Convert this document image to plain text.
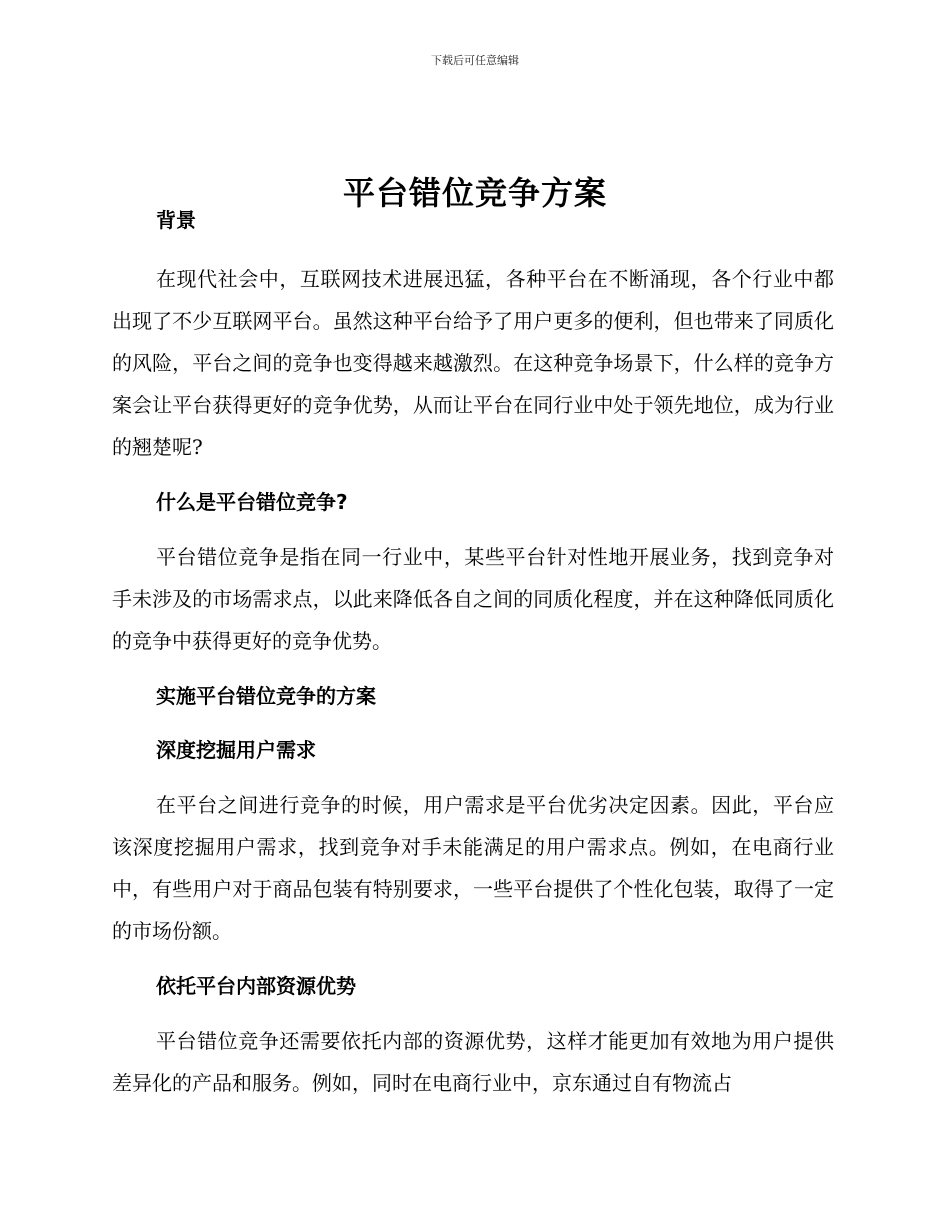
下载后可任意编辑
平台错位竞争方案
背景

在现代社会中，互联网技术进展迅猛，各种平台在不断涌现，各个行业中都出现了不少互联网平台。虽然这种平台给予了用户更多的便利，但也带来了同质化的风险，平台之间的竞争也变得越来越激烈。在这种竞争场景下，什么样的竞争方案会让平台获得更好的竞争优势，从而让平台在同行业中处于领先地位，成为行业的翘楚呢?

什么是平台错位竞争?

平台错位竞争是指在同一行业中，某些平台针对性地开展业务，找到竞争对手未涉及的市场需求点，以此来降低各自之间的同质化程度，并在这种降低同质化的竞争中获得更好的竞争优势。

实施平台错位竞争的方案
深度挖掘用户需求

在平台之间进行竞争的时候，用户需求是平台优劣决定因素。因此，平台应该深度挖掘用户需求，找到竞争对手未能满足的用户需求点。例如，在电商行业中，有些用户对于商品包装有特别要求，一些平台提供了个性化包装，取得了一定的市场份额。

依托平台内部资源优势

平台错位竞争还需要依托内部的资源优势，这样才能更加有效地为用户提供差异化的产品和服务。例如，同时在电商行业中，京东通过自有物流占
